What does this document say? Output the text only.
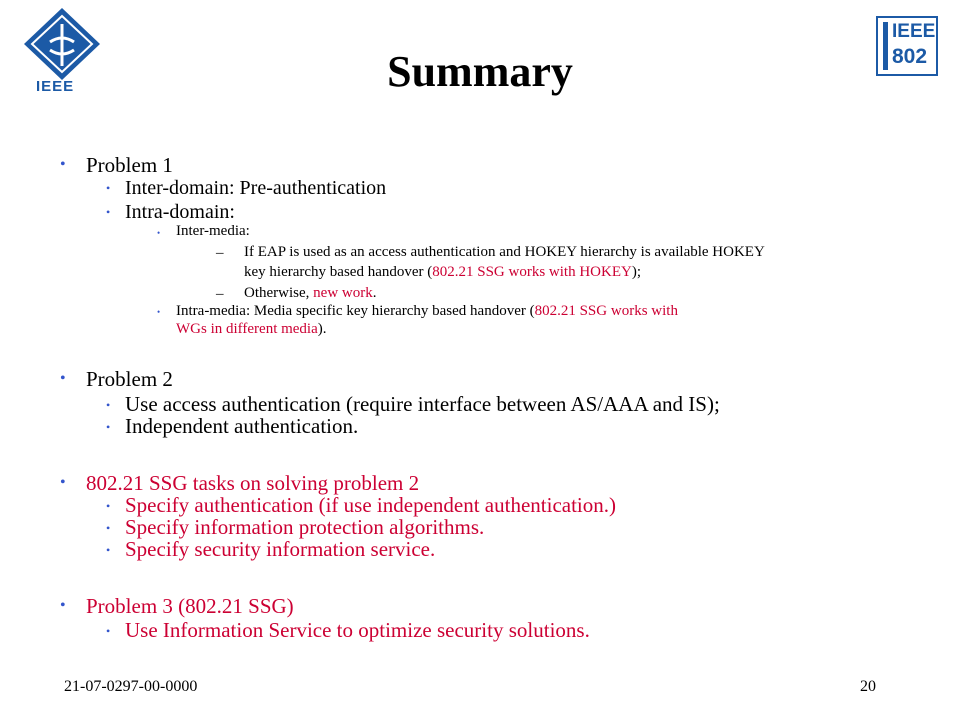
IEEE
IEEE
802
Summary
• Problem 1
• Inter-domain: Pre-authentication
• Intra-domain:
• Inter-media:
– If EAP is used as an access authentication and HOKEY hierarchy is available HOKEY
key hierarchy based handover (802.21 SSG works with HOKEY);
– Otherwise, new work.
• Intra-media: Media specific key hierarchy based handover (802.21 SSG works with
WGs in different media).
• Problem 2
• Use access authentication (require interface between AS/AAA and IS);
• Independent authentication.
• 802.21 SSG tasks on solving problem 2
• Specify authentication (if use independent authentication.)
• Specify information protection algorithms.
• Specify security information service.
• Problem 3 (802.21 SSG)
• Use Information Service to optimize security solutions.
21-07-0297-00-0000	20
